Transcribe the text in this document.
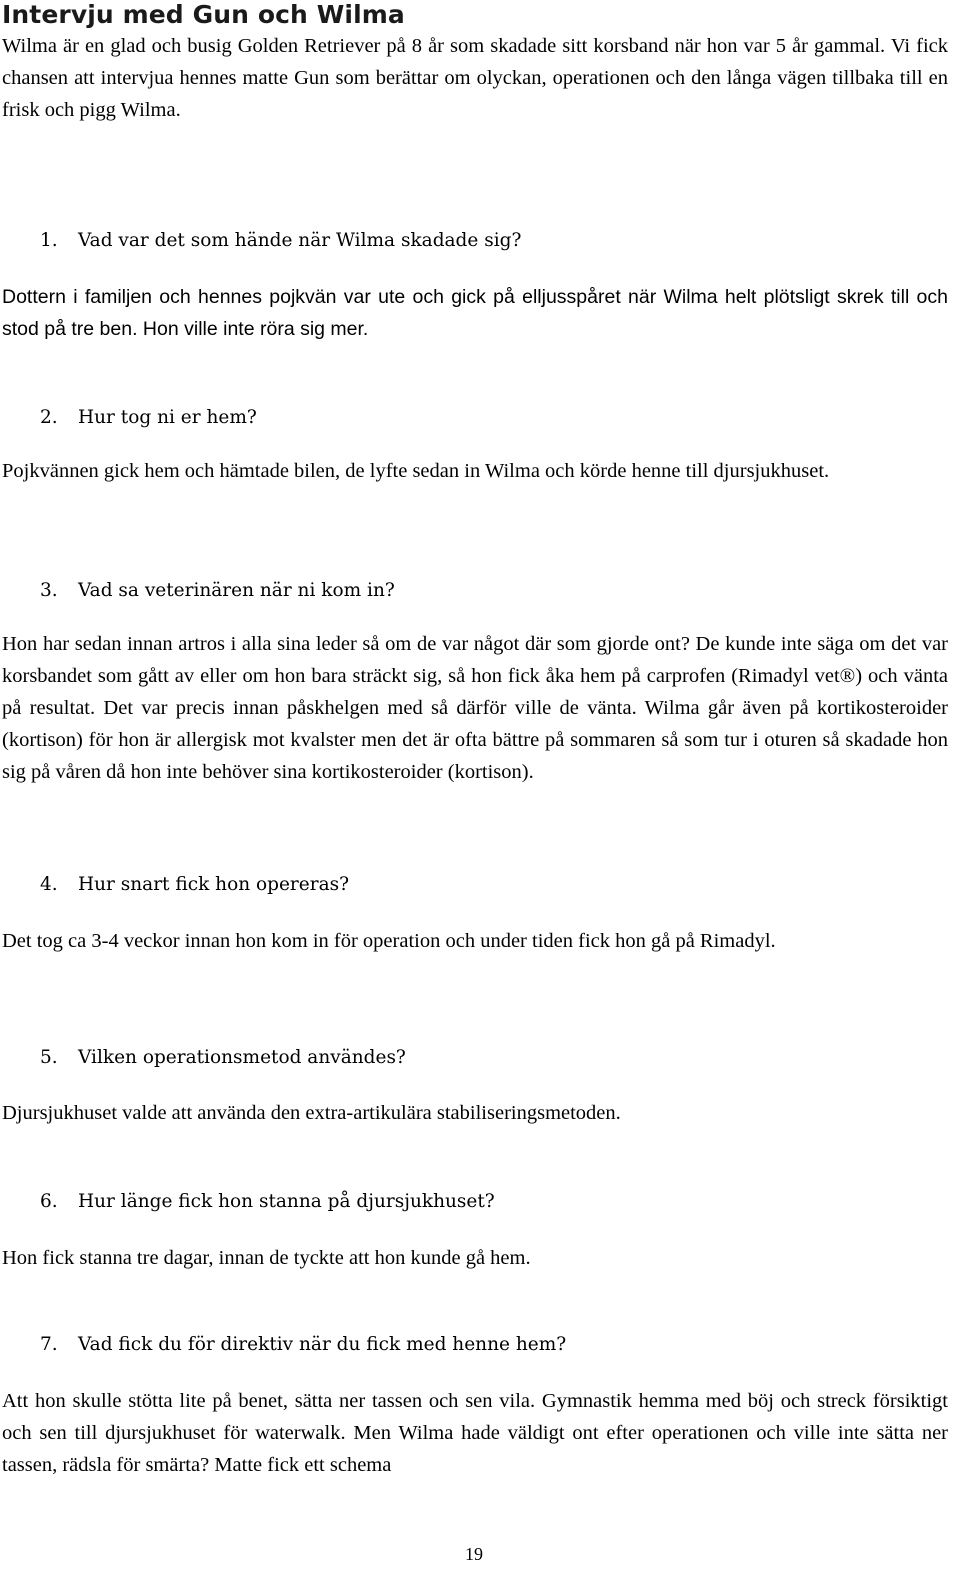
Intervju med Gun och Wilma

Wilma är en glad och busig Golden Retriever på 8 år som skadade sitt korsband när hon var 5 år gammal. Vi fick chansen att intervjua hennes matte Gun som berättar om olyckan, operationen och den långa vägen tillbaka till en frisk och pigg Wilma.

1. Vad var det som hände när Wilma skadade sig?

Dottern i familjen och hennes pojkvän var ute och gick på elljusspåret när Wilma helt plötsligt skrek till och stod på tre ben. Hon ville inte röra sig mer.

2. Hur tog ni er hem?

Pojkvännen gick hem och hämtade bilen, de lyfte sedan in Wilma och körde henne till djursjukhuset.

3. Vad sa veterinären när ni kom in?

Hon har sedan innan artros i alla sina leder så om de var något där som gjorde ont? De kunde inte säga om det var korsbandet som gått av eller om hon bara sträckt sig, så hon fick åka hem på carprofen (Rimadyl vet®) och vänta på resultat. Det var precis innan påskhelgen med så därför ville de vänta. Wilma går även på kortikosteroider (kortison) för hon är allergisk mot kvalster men det är ofta bättre på sommaren så som tur i oturen så skadade hon sig på våren då hon inte behöver sina kortikosteroider (kortison).

4. Hur snart fick hon opereras?

Det tog ca 3-4 veckor innan hon kom in för operation och under tiden fick hon gå på Rimadyl.

5. Vilken operationsmetod användes?

Djursjukhuset valde att använda den extra-artikulära stabiliseringsmetoden.

6. Hur länge fick hon stanna på djursjukhuset?

Hon fick stanna tre dagar, innan de tyckte att hon kunde gå hem.

7. Vad fick du för direktiv när du fick med henne hem?

Att hon skulle stötta lite på benet, sätta ner tassen och sen vila. Gymnastik hemma med böj och streck försiktigt och sen till djursjukhuset för waterwalk. Men Wilma hade väldigt ont efter operationen och ville inte sätta ner tassen, rädsla för smärta? Matte fick ett schema

19
